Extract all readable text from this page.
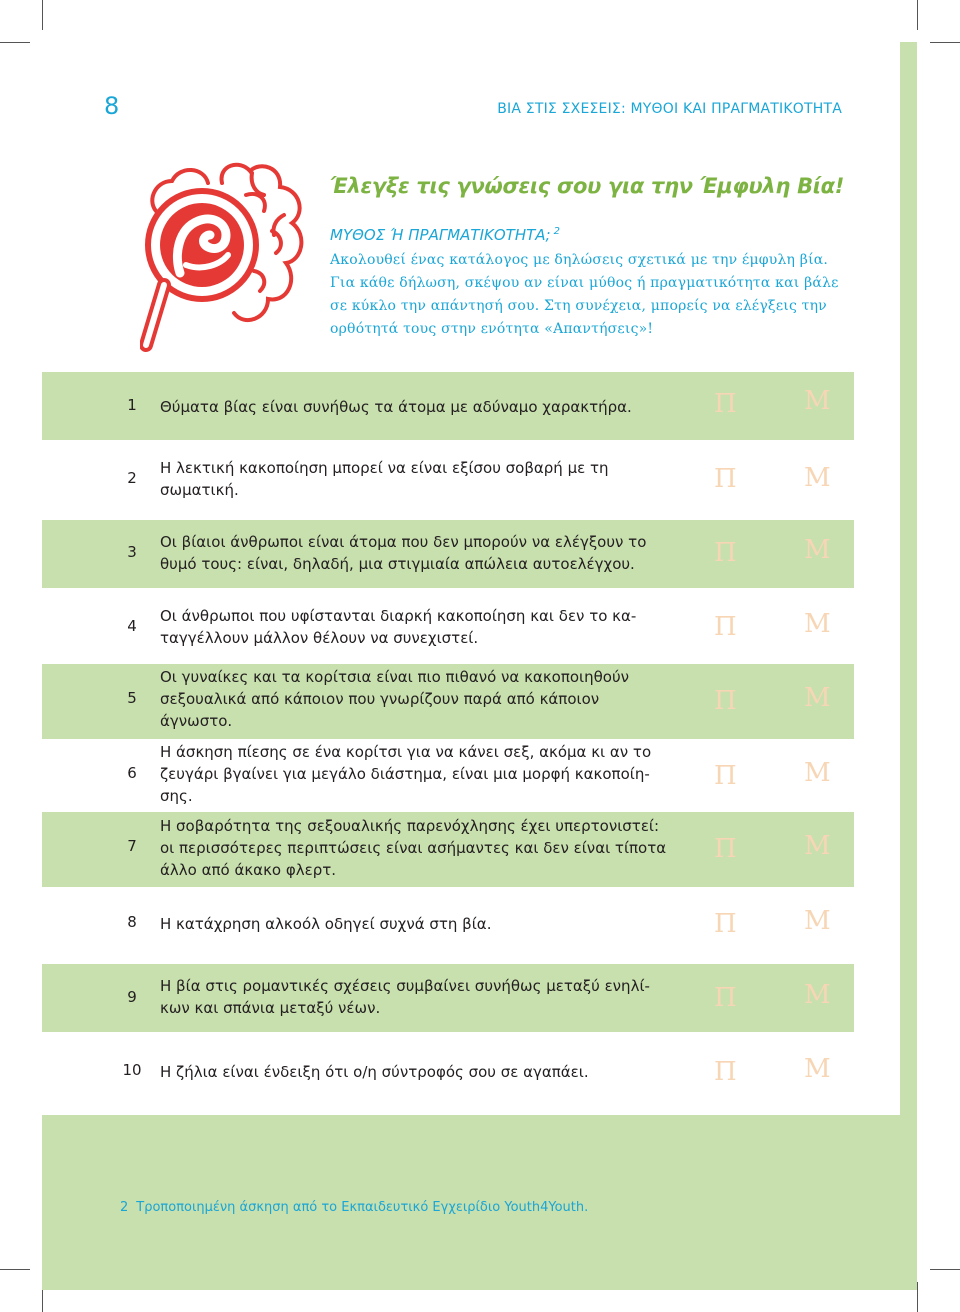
8	ΒΙΑ ΣΤΙΣ ΣΧΕΣΕΙΣ: ΜΥΘΟΙ ΚΑΙ ΠΡΑΓΜΑΤΙΚΟΤΗΤΑ
Έλεγξε τις γνώσεις σου για την Έμφυλη Βία!
ΜΥΘΟΣ Ή ΠΡΑΓΜΑΤΙΚΟΤΗΤΑ; $^2$
Ακολουθεί ένας κατάλογος με δηλώσεις σχετικά με την έμφυλη βία.
Για κάθε δήλωση, σκέψου αν είναι μύθος ή πραγματικότητα και βάλε
σε κύκλο την απάντησή σου. Στη συνέχεια, μπορείς να ελέγξεις την
ορθότητά τους στην ενότητα «Απαντήσεις»!
1	Θύματα βίας είναι συνήθως τα άτομα με αδύναμο χαρακτήρα.	Π	Μ
2
Η λεκτική κακοποίηση μπορεί να είναι εξίσου σοβαρή με τη
σωματική.	Π	Μ
3
Οι βίαιοι άνθρωποι είναι άτομα που δεν μπορούν να ελέγξουν το
θυμό τους: είναι, δηλαδή, μια στιγμιαία απώλεια αυτοελέγχου.	Π	Μ
4
Οι άνθρωποι που υφίστανται διαρκή κακοποίηση και δεν το κα-
ταγγέλλουν μάλλον θέλουν να συνεχιστεί.	Π	Μ
5
Οι γυναίκες και τα κορίτσια είναι πιο πιθανό να κακοποιηθούν
σεξουαλικά από κάποιον που γνωρίζουν παρά από κάποιον
άγνωστο.
Π	Μ
6
Η άσκηση πίεσης σε ένα κορίτσι για να κάνει σεξ, ακόμα κι αν το
ζευγάρι βγαίνει για μεγάλο διάστημα, είναι μια μορφή κακοποίη-
σης.
Π	Μ
7
Η σοβαρότητα της σεξουαλικής παρενόχλησης έχει υπερτονιστεί:
οι περισσότερες περιπτώσεις είναι ασήμαντες και δεν είναι τίποτα
άλλο από άκακο φλερτ.
Π	Μ
8	Η κατάχρηση αλκοόλ οδηγεί συχνά στη βία.	Π	Μ
9
Η βία στις ρομαντικές σχέσεις συμβαίνει συνήθως μεταξύ ενηλί-
κων και σπάνια μεταξύ νέων.	Π	Μ
10	Η ζήλια είναι ένδειξη ότι ο/η σύντροφός σου σε αγαπάει.	Π	Μ
2 Τροποποιημένη άσκηση από το Εκπαιδευτικό Εγχειρίδιο Youth4Youth.
